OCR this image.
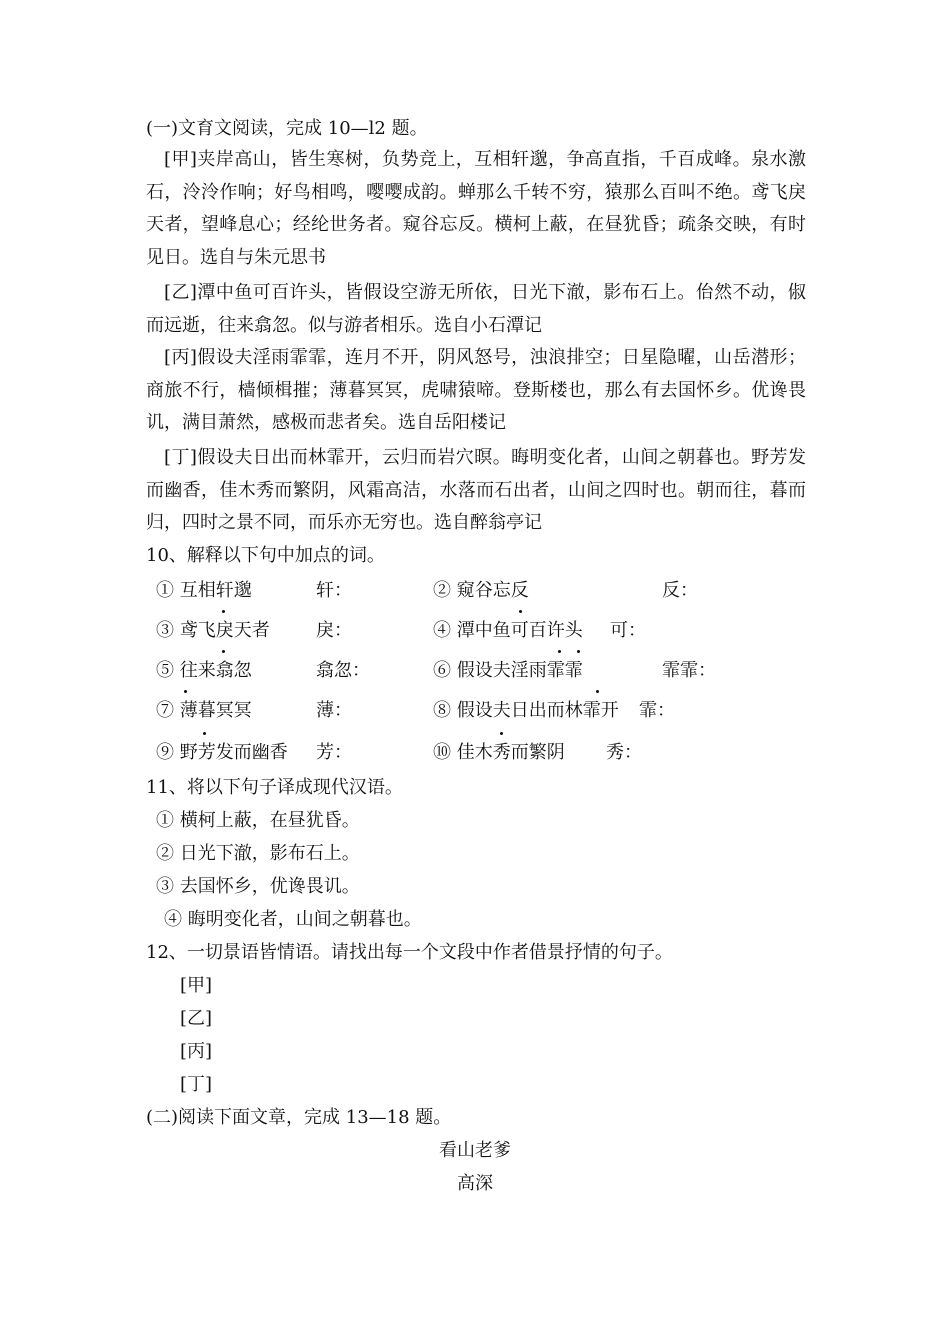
(一)文育文阅读，完成 10—l2 题。
[甲]夹岸高山，皆生寒树，负势竞上，互相轩邈，争高直指，千百成峰。泉水激石，泠泠作响；好鸟相鸣，嘤嘤成韵。蝉那么千转不穷，猿那么百叫不绝。鸢飞戾天者，望峰息心；经纶世务者。窥谷忘反。横柯上蔽，在昼犹昏；疏条交映，有时见日。选自与朱元思书
[乙]潭中鱼可百许头，皆假设空游无所依，日光下澈，影布石上。佁然不动，俶而远逝，往来翕忽。似与游者相乐。选自小石潭记
[丙]假设夫淫雨霏霏，连月不开，阴风怒号，浊浪排空；日星隐曜，山岳潜形；商旅不行，樯倾楫摧；薄暮冥冥，虎啸猿啼。登斯楼也，那么有去国怀乡。优谗畏讥，满目萧然，感极而悲者矣。选自岳阳楼记
[丁]假设夫日出而林霏开，云归而岩穴暝。晦明变化者，山间之朝暮也。野芳发而幽香，佳木秀而繁阴，风霜高洁，水落而石出者，山间之四时也。朝而往，暮而归，四时之景不同，而乐亦无穷也。选自醉翁亭记
10、解释以下句中加点的词。
① 互相轩邈	轩：	② 窥谷忘反	反：
③ 鸢飞戾天者	戾：	④ 潭中鱼可百许头 可：
⑤ 往来翕忽	翕忽：	⑥ 假设夫淫雨霏霏	霏霏：
⑦ 薄暮冥冥	薄：	⑧ 假设夫日出而林霏开 霏：
⑨ 野芳发而幽香 芳：	⑩ 佳木秀而繁阴 秀：
11、将以下句子译成现代汉语。
① 横柯上蔽，在昼犹昏。
② 日光下澈，影布石上。
③ 去国怀乡，优谗畏讥。
④ 晦明变化者，山间之朝暮也。
12、一切景语皆情语。请找出每一个文段中作者借景抒情的句子。
[甲]
[乙]
[丙]
[丁]
(二)阅读下面文章，完成 13—18 题。
看山老爹
高深
